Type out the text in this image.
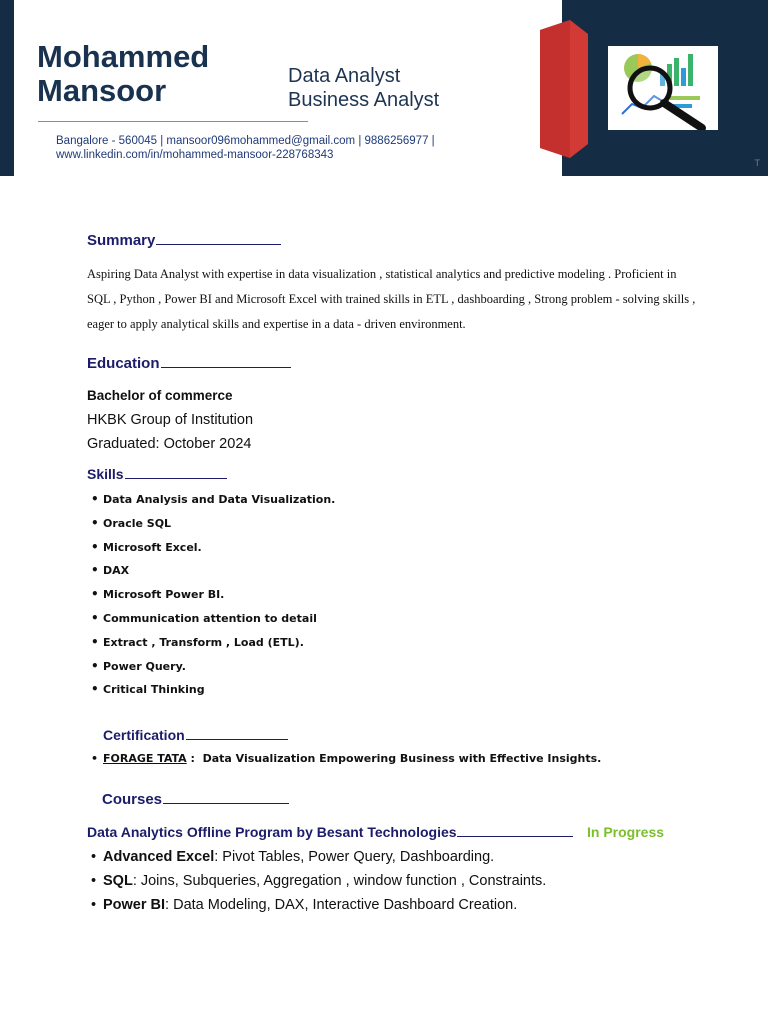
Mohammed
Mansoor	Data Analyst
Business Analyst
Bangalore - 560045 | mansoor096mohammed@gmail.com | 9886256977 |
www.linkedin.com/in/mohammed-mansoor-228768343
T
Summary
Aspiring Data Analyst with expertise in data visualization , statistical analytics and predictive modeling . Proficient in SQL , Python , Power BI and Microsoft Excel with trained skills in ETL , dashboarding , Strong problem - solving skills , eager to apply analytical skills and expertise in a data - driven environment.
Education
Bachelor of commerce
HKBK Group of Institution
Graduated: October 2024
Skills
• Data Analysis and Data Visualization.
• Oracle SQL
• Microsoft Excel.
• DAX
• Microsoft Power BI.
• Communication attention to detail
• Extract , Transform , Load (ETL).
• Power Query.
• Critical Thinking
Certification
• FORAGE TATA :  Data Visualization Empowering Business with Effective Insights.
Courses
Data Analytics Offline Program by Besant Technologies	In Progress
• Advanced Excel: Pivot Tables, Power Query, Dashboarding.
• SQL: Joins, Subqueries, Aggregation , window function , Constraints.
• Power BI: Data Modeling, DAX, Interactive Dashboard Creation.
